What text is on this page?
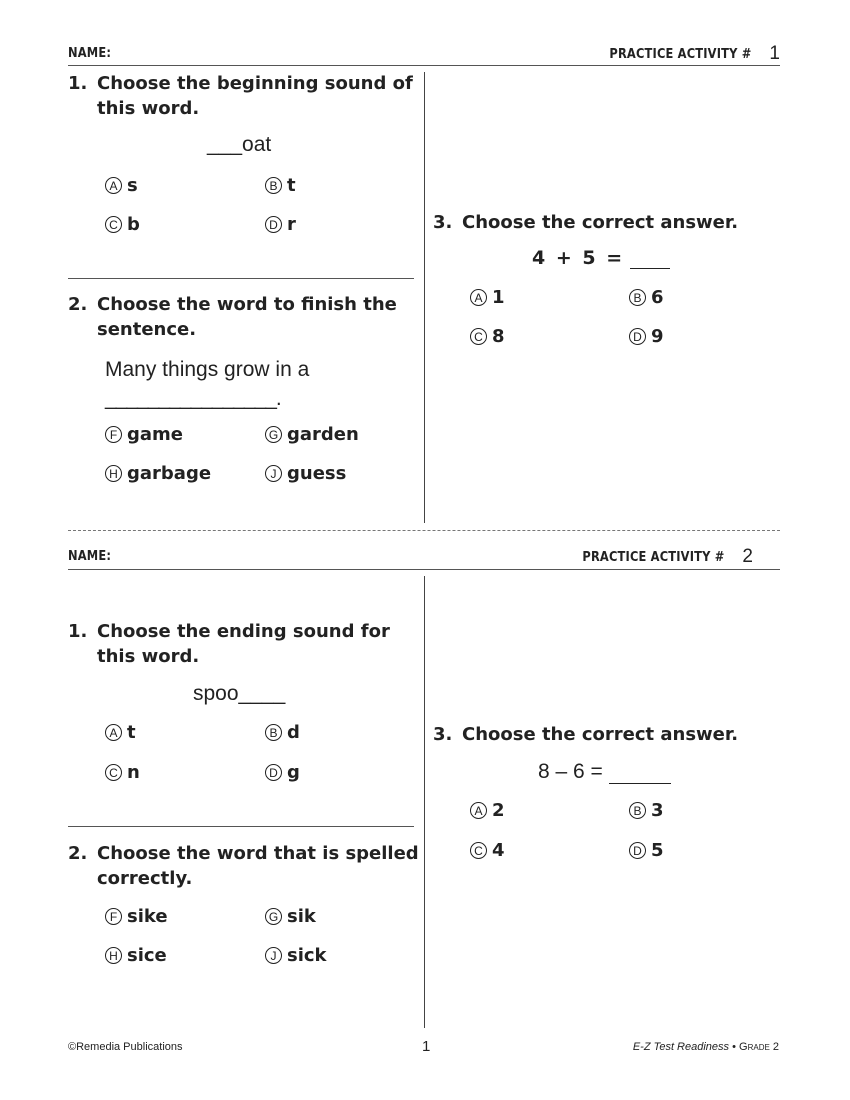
NAME:	PRACTICE ACTIVITY # 1
1. Choose the beginning sound of
this word.
___oat
A s	B t
C b	D r
2. Choose the word to finish the
sentence.
Many things grow in a
________________.
F game	G garden
H garbage	J guess
3. Choose the correct answer.
4 + 5 =
A 1	B 6
C 8	D 9
NAME:	PRACTICE ACTIVITY # 2
1. Choose the ending sound for
this word.
spoo____
A t	B d
C n	D g
2. Choose the word that is spelled
correctly.
F sike	G sik
H sice	J sick
3. Choose the correct answer.
8 – 6 =
A 2	B 3
C 4	D 5
©Remedia Publications	1	E-Z Test Readiness • Grade 2
